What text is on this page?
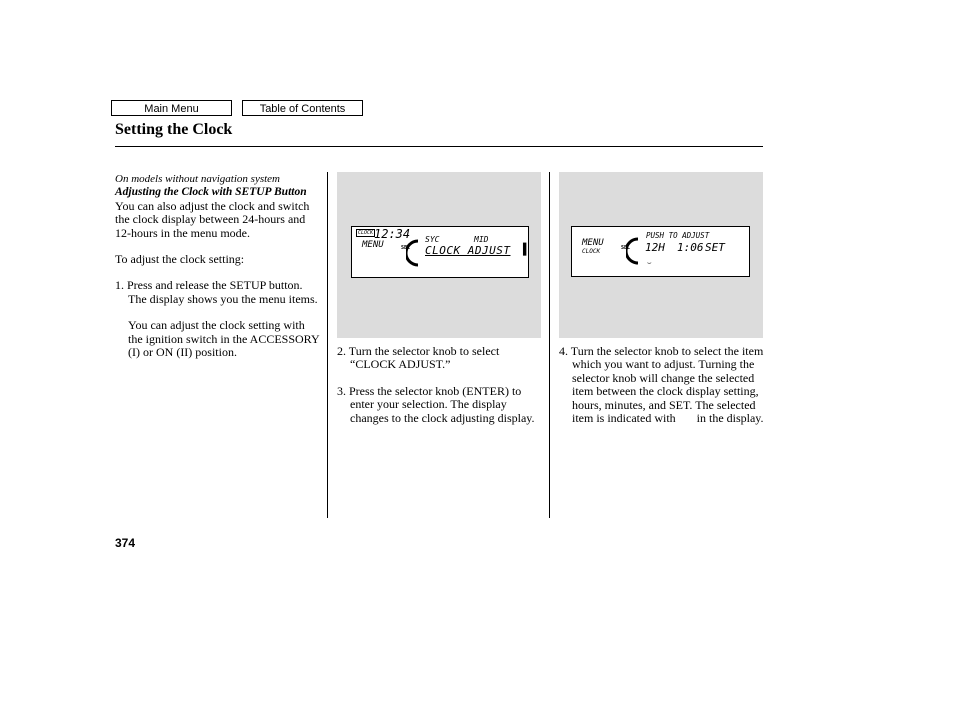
Main Menu	Table of Contents
Setting the Clock

On models without navigation system

Adjusting the Clock with SETUP Button

You can also adjust the clock and switch the clock display between 24-hours and 12-hours in the menu mode.

To adjust the clock setting:

1. Press and release the SETUP button. The display shows you the menu items.

You can adjust the clock setting with the ignition switch in the ACCESSORY (I) or ON (II) position.

CLOCK 12:34
MENU	SEL
SYC	MID
CLOCK ADJUST ▌	MENU
CLOCK	SEL
PUSH TO ADJUST
12H 1:06 SET
⌣

2. Turn the selector knob to select “CLOCK ADJUST.”

3. Press the selector knob (ENTER) to enter your selection. The display changes to the clock adjusting display.

4. Turn the selector knob to select the item which you want to adjust. Turning the selector knob will change the selected item between the clock display setting, hours, minutes, and SET. The selected item is indicated with       in the display.

374
